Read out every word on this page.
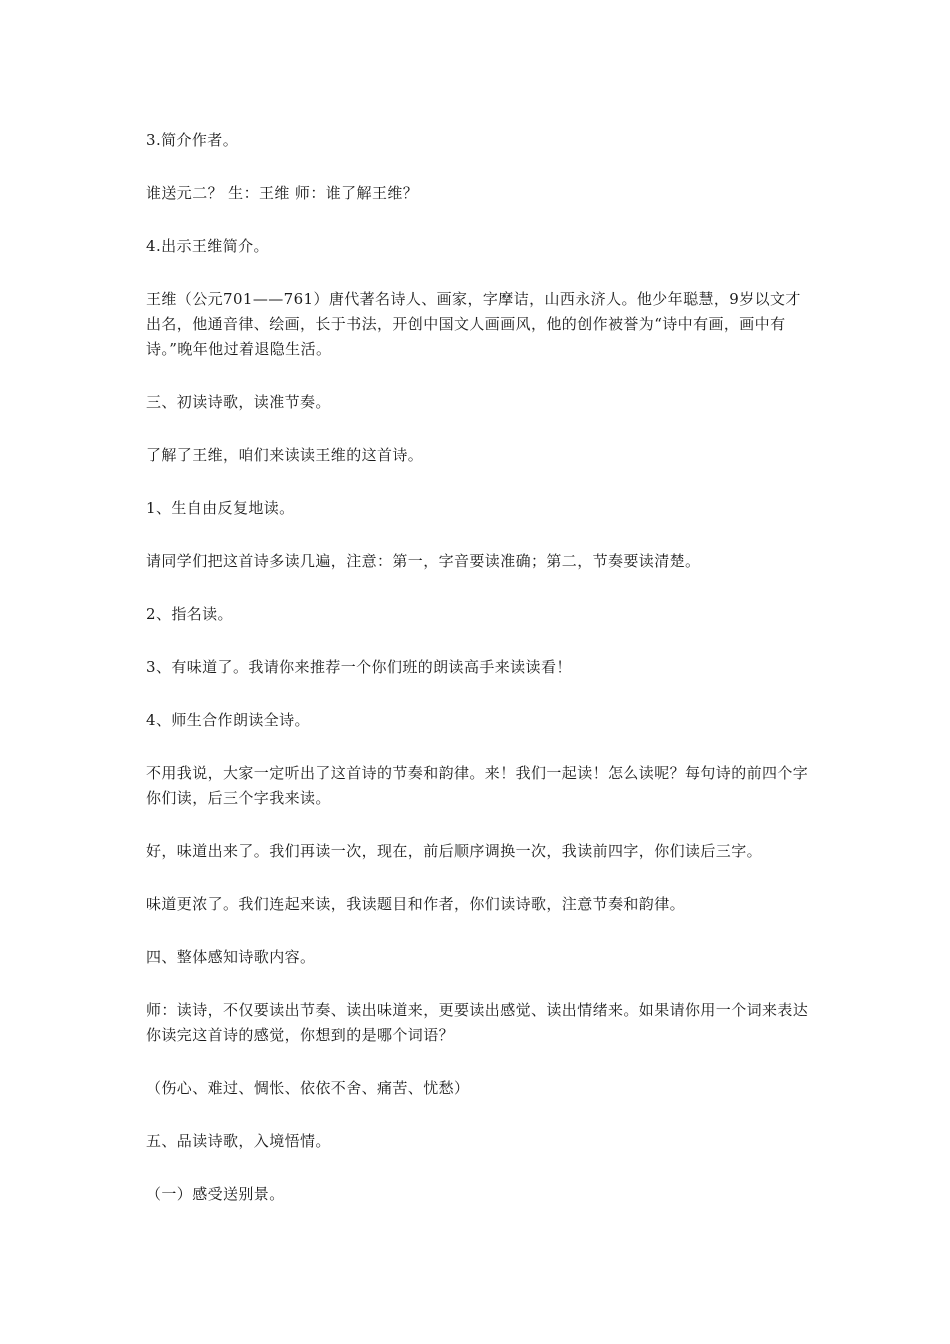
3.简介作者。

谁送元二？ 生：王维 师：谁了解王维？

4.出示王维简介。

王维（公元701——761）唐代著名诗人、画家，字摩诘，山西永济人。他少年聪慧，9岁以文才出名，他通音律、绘画，长于书法，开创中国文人画画风，他的创作被誉为“诗中有画，画中有诗。”晚年他过着退隐生活。

三、初读诗歌，读准节奏。

了解了王维，咱们来读读王维的这首诗。

1、生自由反复地读。

请同学们把这首诗多读几遍，注意：第一，字音要读准确；第二，节奏要读清楚。

2、指名读。

3、有味道了。我请你来推荐一个你们班的朗读高手来读读看！

4、师生合作朗读全诗。

不用我说，大家一定听出了这首诗的节奏和韵律。来！我们一起读！怎么读呢？每句诗的前四个字你们读，后三个字我来读。

好，味道出来了。我们再读一次，现在，前后顺序调换一次，我读前四字，你们读后三字。

味道更浓了。我们连起来读，我读题目和作者，你们读诗歌，注意节奏和韵律。

四、整体感知诗歌内容。

师：读诗，不仅要读出节奏、读出味道来，更要读出感觉、读出情绪来。如果请你用一个词来表达你读完这首诗的感觉，你想到的是哪个词语？

（伤心、难过、惆怅、依依不舍、痛苦、忧愁）

五、品读诗歌，入境悟情。

（一）感受送别景。
